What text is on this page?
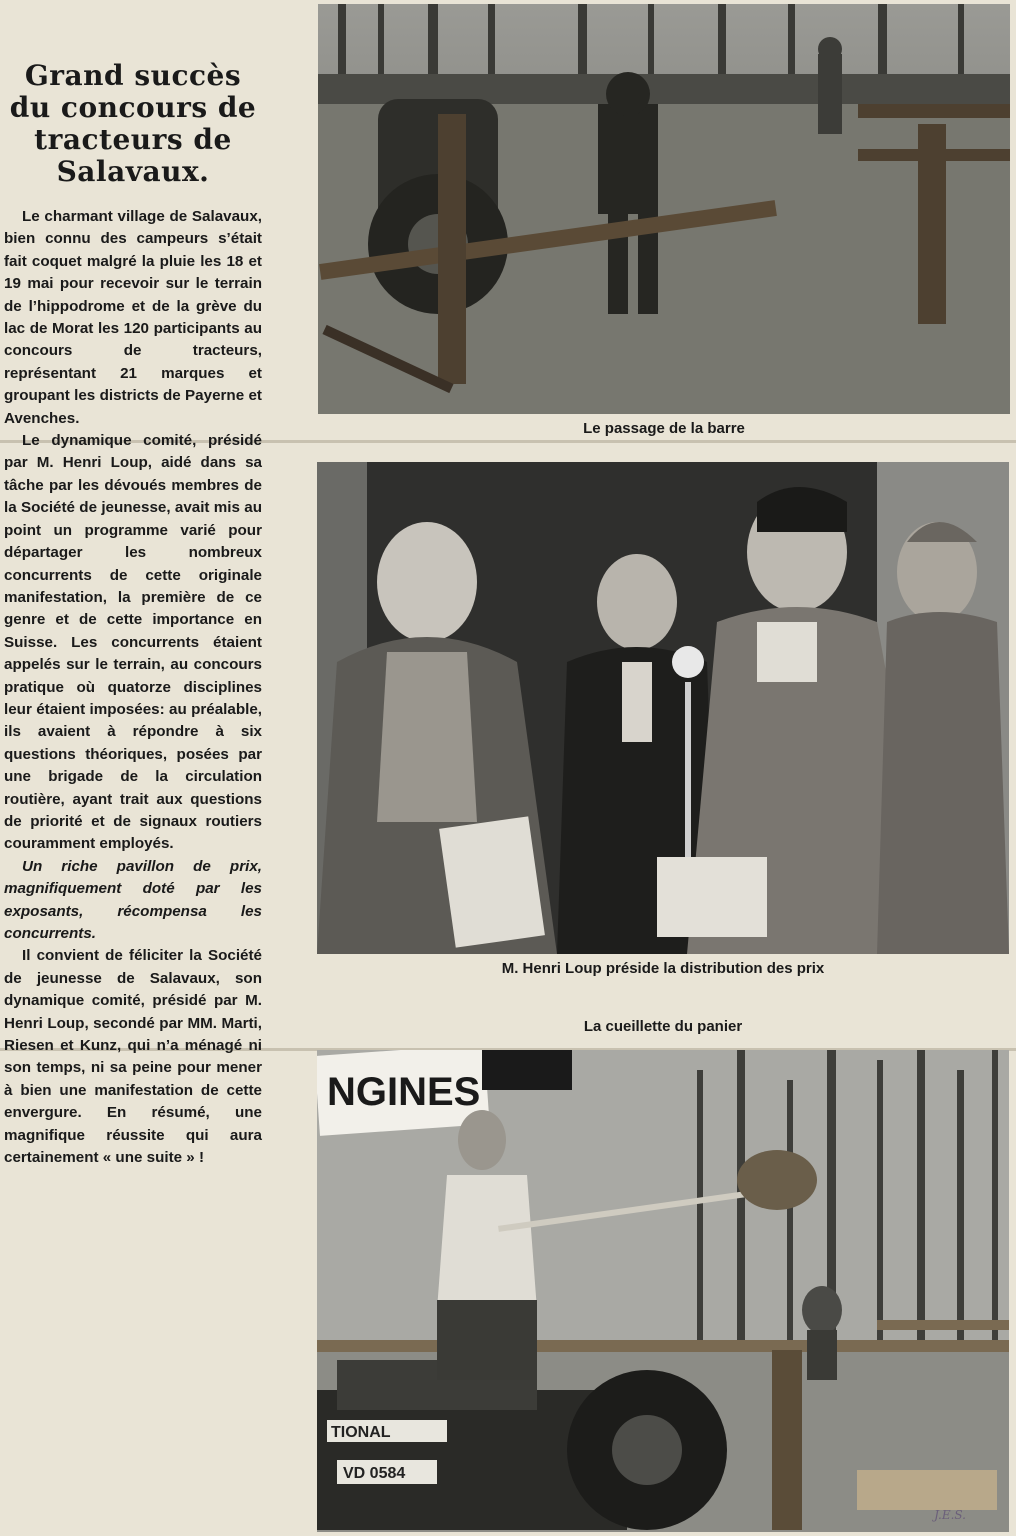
Grand succès du concours de tracteurs de Salavaux.

Le charmant village de Salavaux, bien connu des campeurs s’était fait coquet malgré la pluie les 18 et 19 mai pour recevoir sur le terrain de l’hippodrome et de la grève du lac de Morat les 120 participants au concours de tracteurs, représentant 21 marques et groupant les districts de Payerne et Avenches.

Le dynamique comité, présidé par M. Henri Loup, aidé dans sa tâche par les dévoués membres de la Société de jeunesse, avait mis au point un programme varié pour départager les nombreux concurrents de cette originale manifestation, la première de ce genre et de cette importance en Suisse. Les concurrents étaient appelés sur le terrain, au concours pratique où quatorze disciplines leur étaient imposées: au préalable, ils avaient à répondre à six questions théoriques, posées par une brigade de la circulation routière, ayant trait aux questions de priorité et de signaux routiers couramment employés.

Un riche pavillon de prix, magnifiquement doté par les exposants, récompensa les concurrents.

Il convient de féliciter la Société de jeunesse de Salavaux, son dynamique comité, présidé par M. Henri Loup, secondé par MM. Marti, Riesen et Kunz, qui n’a ménagé ni son temps, ni sa peine pour mener à bien une manifestation de cette envergure. En résumé, une magnifique réussite qui aura certainement « une suite » !

Le passage de la barre
M. Henri Loup préside la distribution des prix
La cueillette du panier
NGINES
TIONAL
VD 0584
J.E.S.
